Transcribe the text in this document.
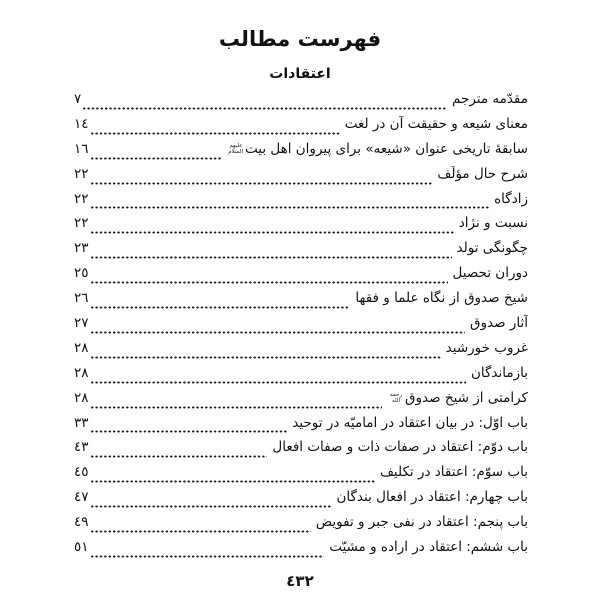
فهرست مطالب
اعتقادات
مقدّمه مترجم
٧
معنای شیعه و حقیقت آن در لغت
١٤
سابقهٔ تاریخی عنوان «شیعه» برای پیروان اهل بیتعلیهم السلام
١٦
شرح حال مؤلّف
٢٢
زادگاه
٢٢
نسبت و نژاد
٢٢
چگونگی تولد
٢٣
دوران تحصیل
٢٥
شیخ صدوق از نگاه علما و فقها
٢٦
آثار صدوق
٢٧
غروب خورشید
٢٨
بازماندگان
٢٨
کرامتی از شیخ صدوقرحمه الله
٢٨
باب اوّل: در بیان اعتقاد در امامیّه در توحید
٣٣
باب دوّم: اعتقاد در صفات ذات و صفات افعال
٤٣
باب سوّم: اعتقاد در تکلیف
٤٥
باب چهارم: اعتقاد در افعال بندگان
٤٧
باب پنجم: اعتقاد در نفی جبر و تفویض
٤٩
باب ششم: اعتقاد در اراده و مشیّت
٥١
٤٣٢
